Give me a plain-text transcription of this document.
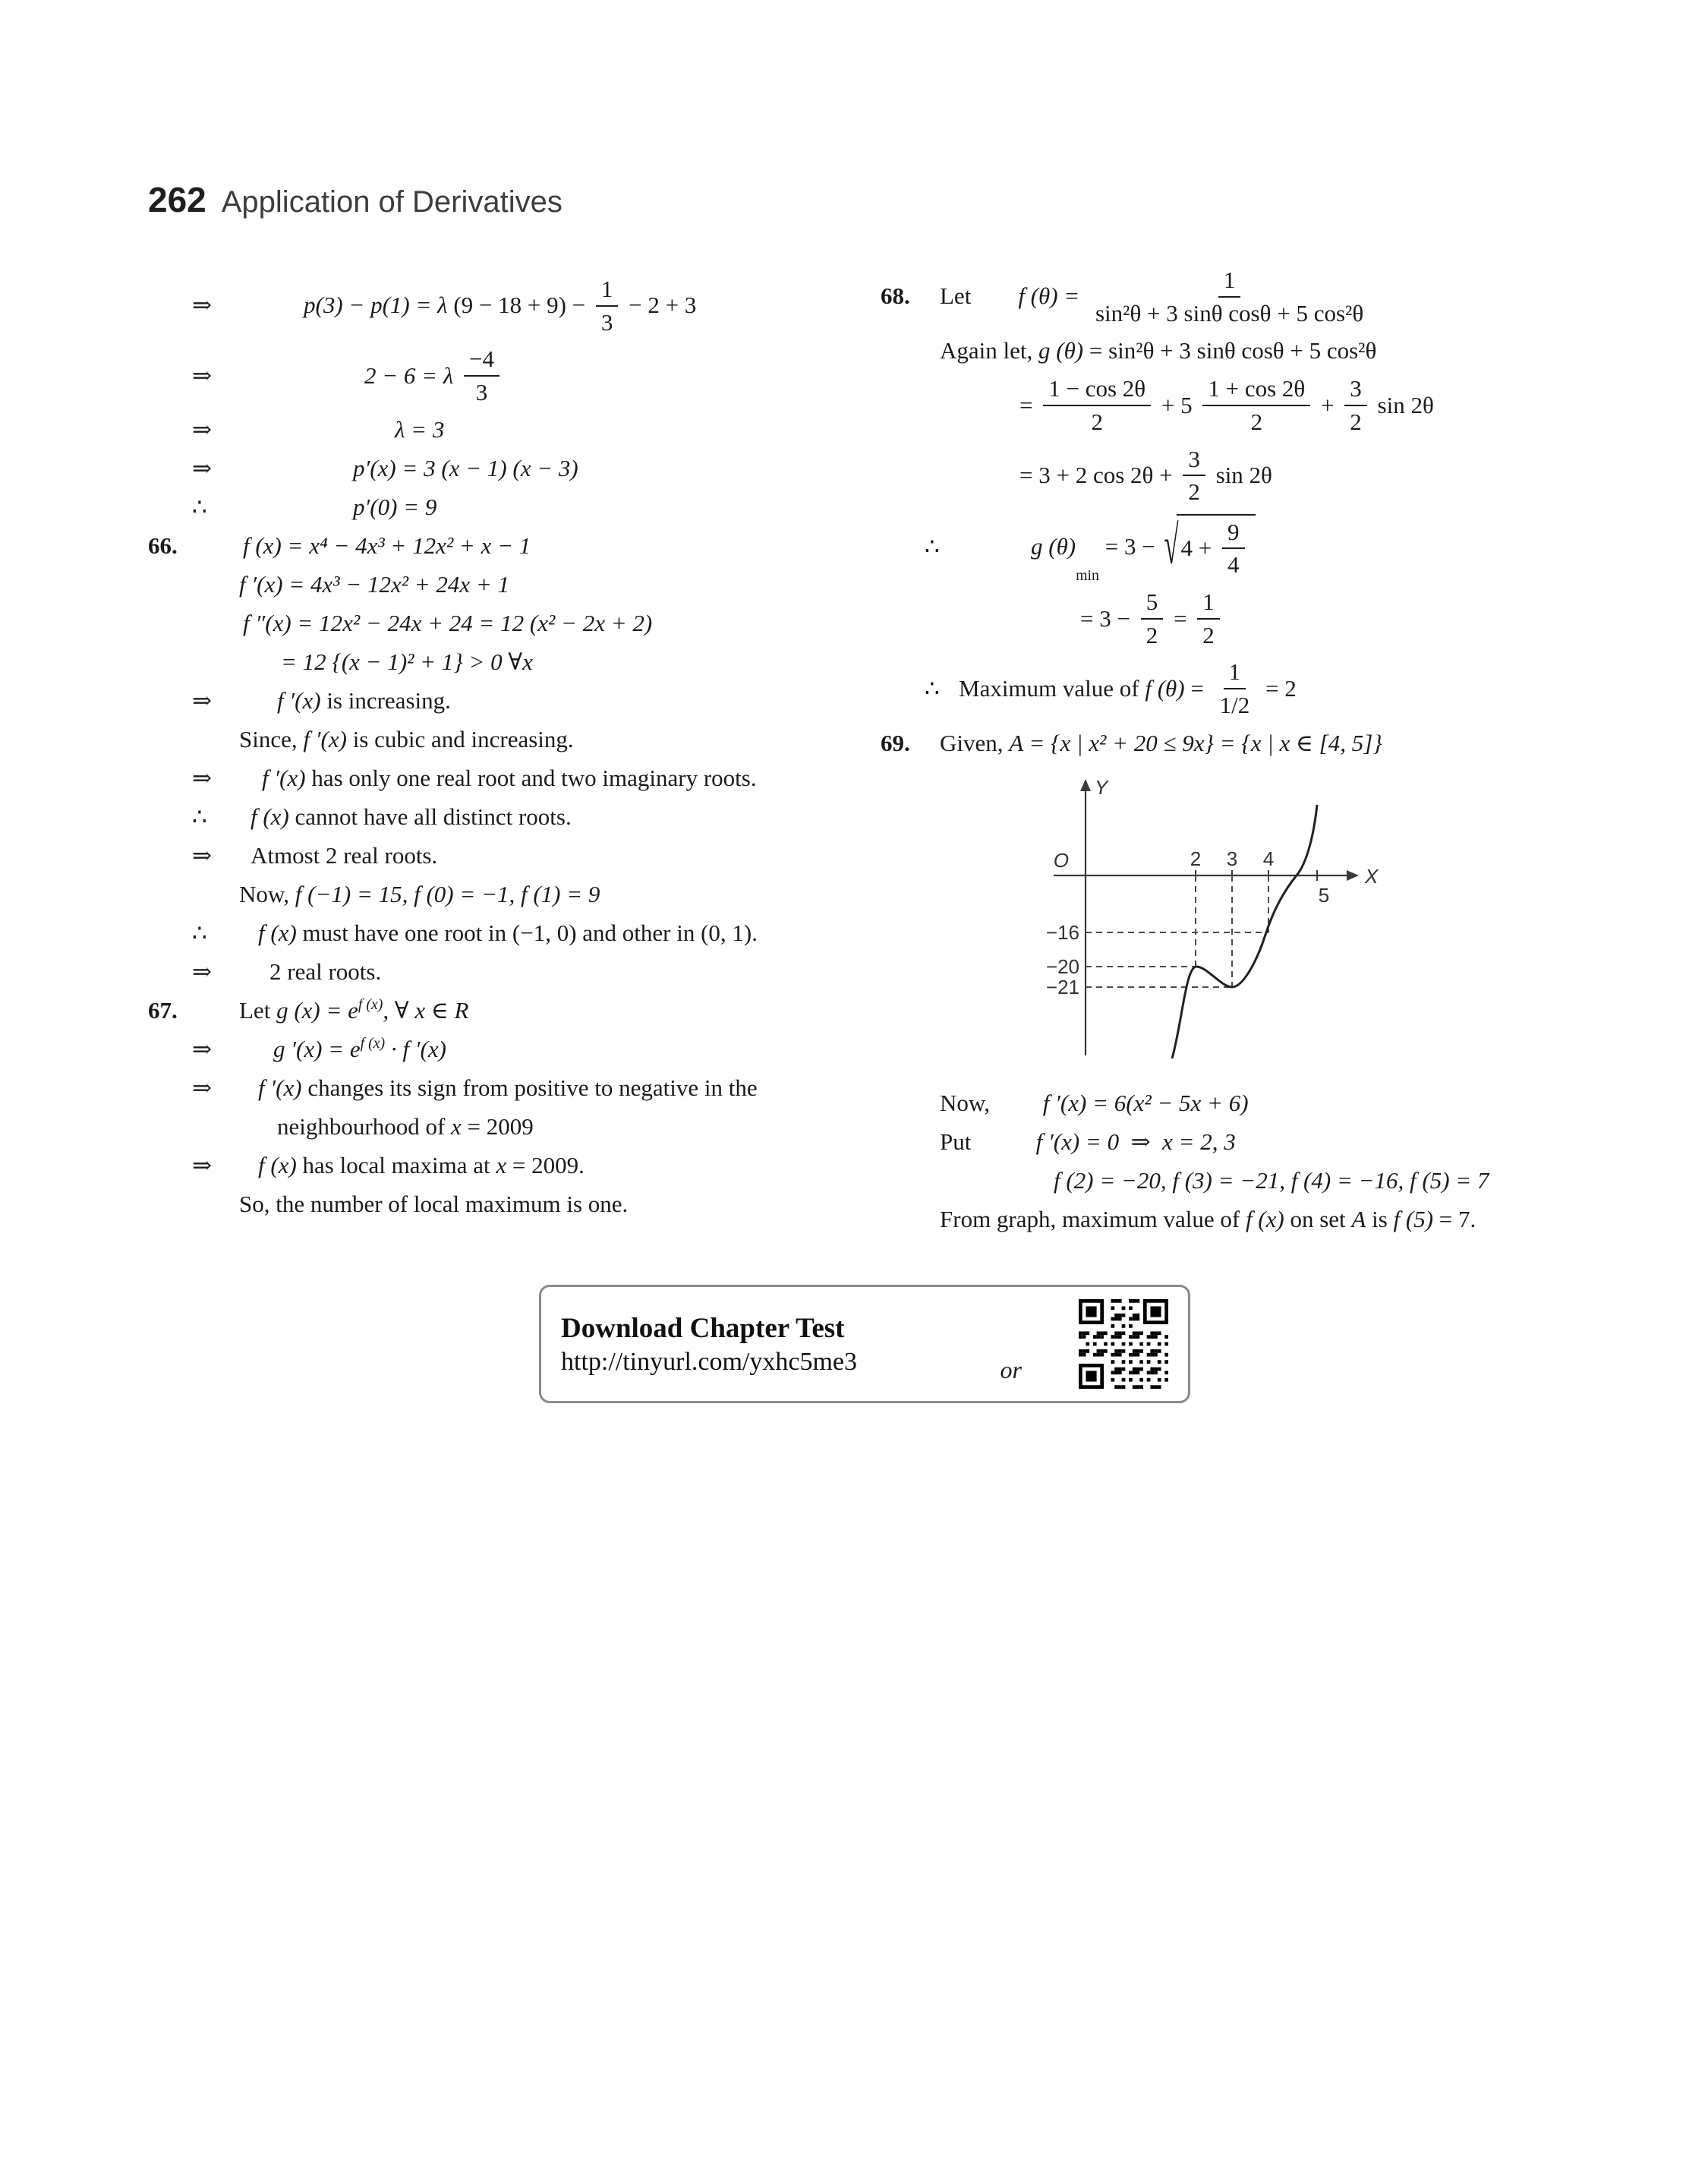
262 Application of Derivatives
⇒	p(3) − p(1) = λ $(9 - 18 + 9) - \frac{1}{3} - 2 + 3$
⇒	2 − 6 = λ $\frac{-4}{3}$
⇒	λ = 3
⇒	p′(x) = 3 (x − 1) (x − 3)
∴	p′(0) = 9
66.	f (x) = x⁴ − 4x³ + 12x² + x − 1
f ′(x) = 4x³ − 12x² + 24x + 1
f ″(x) = 12x² − 24x + 24 = 12 (x² − 2x + 2)
= 12 {(x − 1)² + 1} > 0 ∀x
⇒	f ′(x) is increasing.
Since, f ′(x) is cubic and increasing.
⇒	f ′(x) has only one real root and two imaginary roots.
∴	f (x) cannot have all distinct roots.
⇒	Atmost 2 real roots.
Now, f (−1) = 15, f (0) = −1, f (1) = 9
∴	f (x) must have one root in (−1, 0) and other in (0, 1).
⇒	2 real roots.
67.	Let g (x) = e f (x) , ∀ x ∈ R
⇒	g ′(x) = e f (x) · f ′(x)
⇒	f ′(x) changes its sign from positive to negative in the
neighbourhood of x = 2009
⇒	f (x) has local maxima at x = 2009.
So, the number of local maximum is one.
68.	Let f $(\theta) = \frac{1}{\text{sin²θ + 3 sinθ cosθ + 5 cos²θ}}$
Again let, g (θ) = sin²θ + 3 sinθ cosθ + 5 cos²θ
= $\frac{1 - \cos 2\theta}{2} + 5 \frac{1 + \cos 2\theta}{2} + \frac{3}{2}$ sin 2θ
= 3 + 2 $\cos 2\theta + \frac{3}{2}$ sin 2θ
∴	g (θ)
min
= 3 − √ $4 + \frac{9}{4}$
= $3 - \frac{5}{2} = \frac{1}{2}$
∴ Maximum value of f $(\theta) = \frac{1}{1/2} = 2$
69.	Given, A = {x | x² + 20 ≤ 9x} = {x | x ∈ [4, 5]}
Y
X
O	2 3 4
5
−16
−20
−21
Now, f ′(x) = 6(x² − 5x + 6)
Put f ′(x) = 0  ⇒  x = 2, 3
f (2) = −20, f (3) = −21, f (4) = −16, f (5) = 7
From graph, maximum value of f (x) on set A is f (5) = 7.
Download Chapter Test
http://tinyurl.com/yxhc5me3	or
